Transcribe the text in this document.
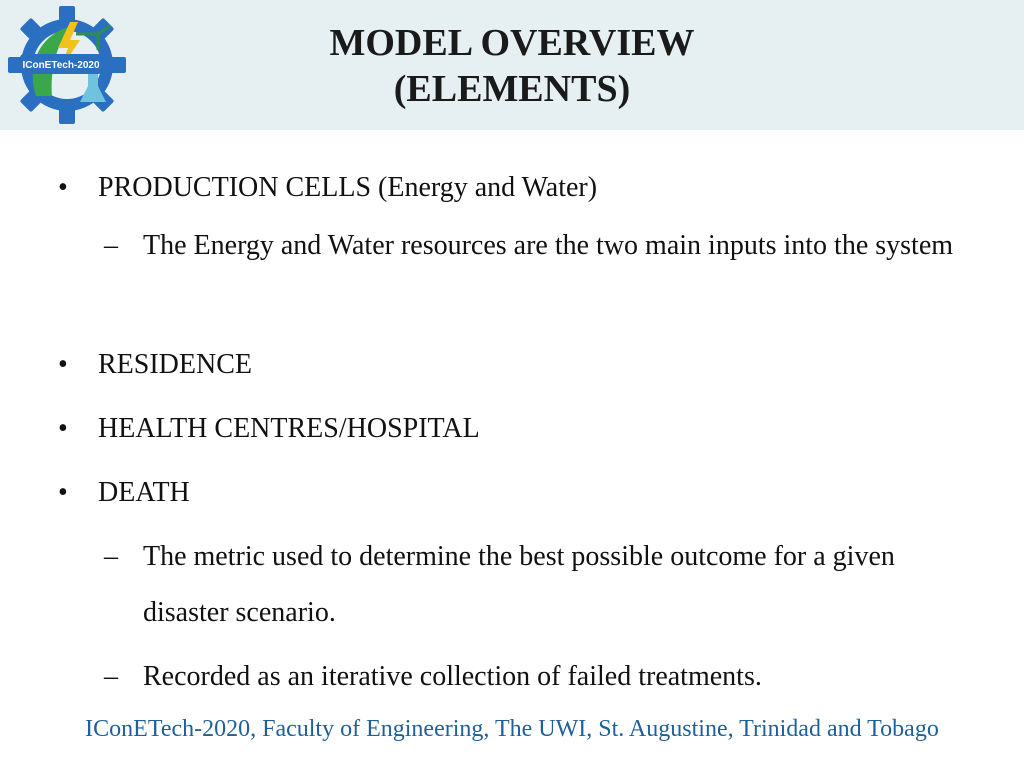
IConETech-2020
MODEL OVERVIEW
(ELEMENTS)
•	PRODUCTION CELLS (Energy and Water)
– The Energy and Water resources are the two main inputs into the system
•	RESIDENCE
•	HEALTH CENTRES/HOSPITAL
•	DEATH
– The metric used to determine the best possible outcome for a given disaster scenario.
– Recorded as an iterative collection of failed treatments.
IConETech-2020, Faculty of Engineering, The UWI, St. Augustine, Trinidad and Tobago
